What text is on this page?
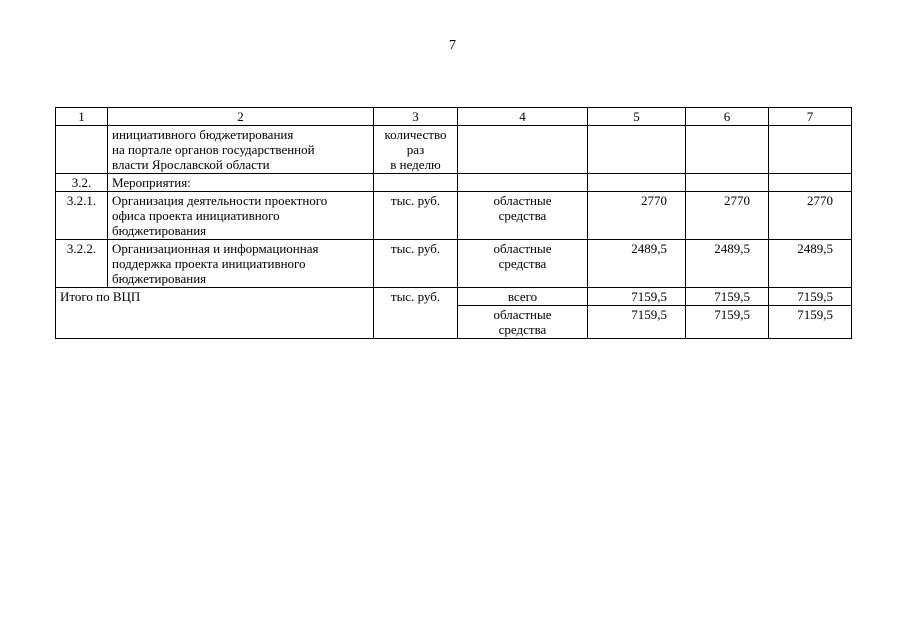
7
1	2	3	4	5	6	7
	инициативного бюджетирования
на портале органов государственной
власти Ярославской области	количество
раз
в неделю				
3.2.	Мероприятия:					
3.2.1.	Организация деятельности проектного
офиса проекта инициативного
бюджетирования	тыс. руб.	областные
средства	2770	2770	2770
3.2.2.	Организационная и информационная
поддержка проекта инициативного
бюджетирования	тыс. руб.	областные
средства	2489,5	2489,5	2489,5
Итого по ВЦП		тыс. руб.	всего	7159,5	7159,5	7159,5
			областные
средства	7159,5	7159,5	7159,5
